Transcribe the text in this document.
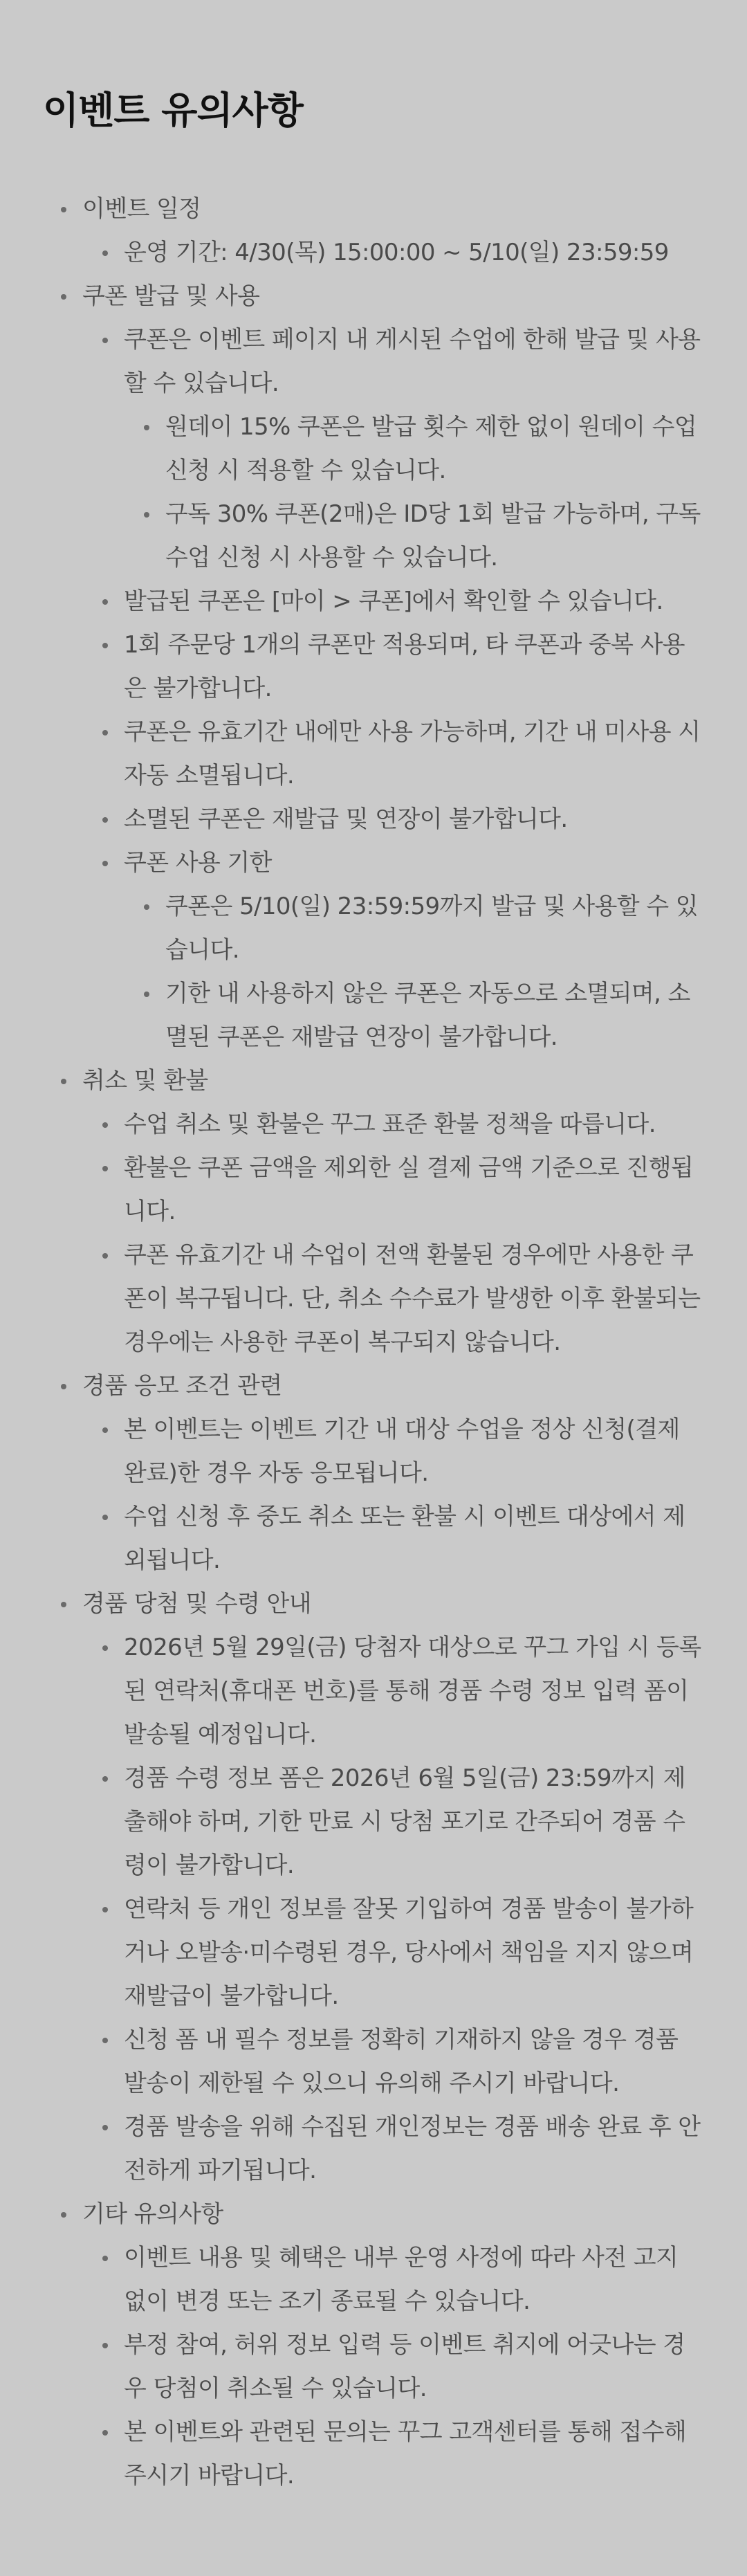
이벤트 유의사항
이벤트 일정
운영 기간: 4/30(목) 15:00:00 ~ 5/10(일) 23:59:59
쿠폰 발급 및 사용
쿠폰은 이벤트 페이지 내 게시된 수업에 한해 발급 및 사용할 수 있습니다.
원데이 15% 쿠폰은 발급 횟수 제한 없이 원데이 수업 신청 시 적용할 수 있습니다.
구독 30% 쿠폰(2매)은 ID당 1회 발급 가능하며, 구독 수업 신청 시 사용할 수 있습니다.
발급된 쿠폰은 [마이 > 쿠폰]에서 확인할 수 있습니다.
1회 주문당 1개의 쿠폰만 적용되며, 타 쿠폰과 중복 사용은 불가합니다.
쿠폰은 유효기간 내에만 사용 가능하며, 기간 내 미사용 시 자동 소멸됩니다.
소멸된 쿠폰은 재발급 및 연장이 불가합니다.
쿠폰 사용 기한
쿠폰은 5/10(일) 23:59:59까지 발급 및 사용할 수 있습니다.
기한 내 사용하지 않은 쿠폰은 자동으로 소멸되며, 소멸된 쿠폰은 재발급 연장이 불가합니다.
취소 및 환불
수업 취소 및 환불은 꾸그 표준 환불 정책을 따릅니다.
환불은 쿠폰 금액을 제외한 실 결제 금액 기준으로 진행됩니다.
쿠폰 유효기간 내 수업이 전액 환불된 경우에만 사용한 쿠폰이 복구됩니다. 단, 취소 수수료가 발생한 이후 환불되는 경우에는 사용한 쿠폰이 복구되지 않습니다.
경품 응모 조건 관련
본 이벤트는 이벤트 기간 내 대상 수업을 정상 신청(결제 완료)한 경우 자동 응모됩니다.
수업 신청 후 중도 취소 또는 환불 시 이벤트 대상에서 제외됩니다.
경품 당첨 및 수령 안내
2026년 5월 29일(금) 당첨자 대상으로 꾸그 가입 시 등록된 연락처(휴대폰 번호)를 통해 경품 수령 정보 입력 폼이 발송될 예정입니다.
경품 수령 정보 폼은 2026년 6월 5일(금) 23:59까지 제출해야 하며, 기한 만료 시 당첨 포기로 간주되어 경품 수령이 불가합니다.
연락처 등 개인 정보를 잘못 기입하여 경품 발송이 불가하거나 오발송·미수령된 경우, 당사에서 책임을 지지 않으며 재발급이 불가합니다.
신청 폼 내 필수 정보를 정확히 기재하지 않을 경우 경품 발송이 제한될 수 있으니 유의해 주시기 바랍니다.
경품 발송을 위해 수집된 개인정보는 경품 배송 완료 후 안전하게 파기됩니다.
기타 유의사항
이벤트 내용 및 혜택은 내부 운영 사정에 따라 사전 고지 없이 변경 또는 조기 종료될 수 있습니다.
부정 참여, 허위 정보 입력 등 이벤트 취지에 어긋나는 경우 당첨이 취소될 수 있습니다.
본 이벤트와 관련된 문의는 꾸그 고객센터를 통해 접수해 주시기 바랍니다.
